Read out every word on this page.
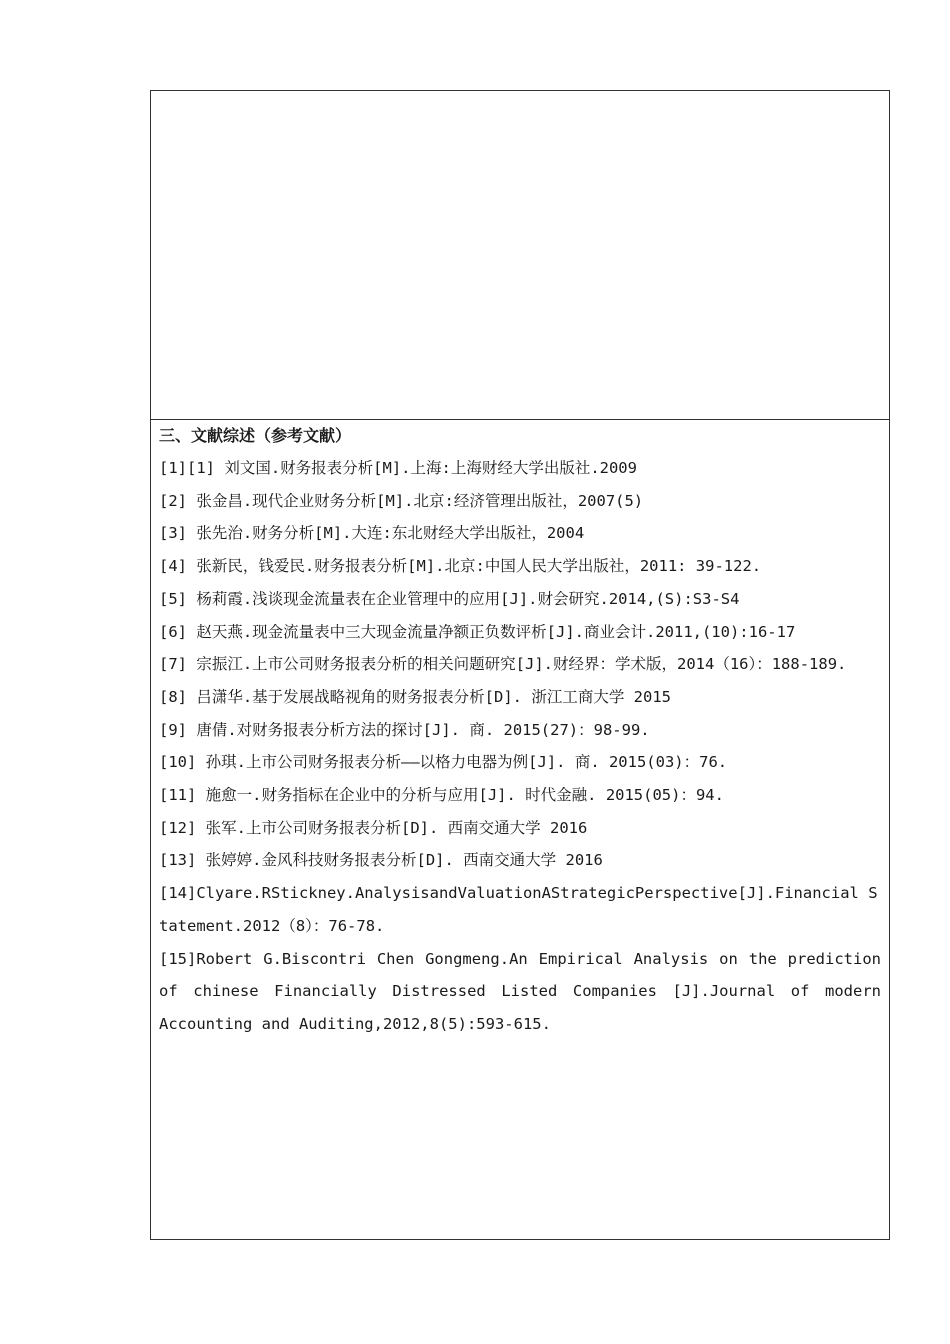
三、文献综述（参考文献）
[1][1] 刘文国.财务报表分析[M].上海:上海财经大学出版社.2009
[2] 张金昌.现代企业财务分析[M].北京:经济管理出版社，2007(5)
[3] 张先治.财务分析[M].大连:东北财经大学出版社，2004
[4] 张新民，钱爱民.财务报表分析[M].北京:中国人民大学出版社，2011: 39-122.
[5] 杨莉霞.浅谈现金流量表在企业管理中的应用[J].财会研究.2014,(S):S3-S4
[6] 赵天燕.现金流量表中三大现金流量净额正负数评析[J].商业会计.2011,(10):16-17
[7] 宗振江.上市公司财务报表分析的相关问题研究[J].财经界：学术版，2014（16）：188-189.
[8] 吕潇华.基于发展战略视角的财务报表分析[D]. 浙江工商大学 2015
[9] 唐倩.对财务报表分析方法的探讨[J]. 商. 2015(27)：98-99.
[10] 孙琪.上市公司财务报表分析——以格力电器为例[J]. 商. 2015(03)：76.
[11] 施愈一.财务指标在企业中的分析与应用[J]. 时代金融. 2015(05)：94.
[12] 张军.上市公司财务报表分析[D]. 西南交通大学 2016
[13] 张婷婷.金风科技财务报表分析[D]. 西南交通大学 2016
[14]Clyare.RStickney.AnalysisandValuationAStrategicPerspective[J].Financial Statement.2012（8）：76-78.
[15]Robert G.Biscontri Chen Gongmeng.An Empirical Analysis on the prediction of chinese Financially Distressed Listed Companies [J].Journal of modern Accounting and Auditing,2012,8(5):593-615.
